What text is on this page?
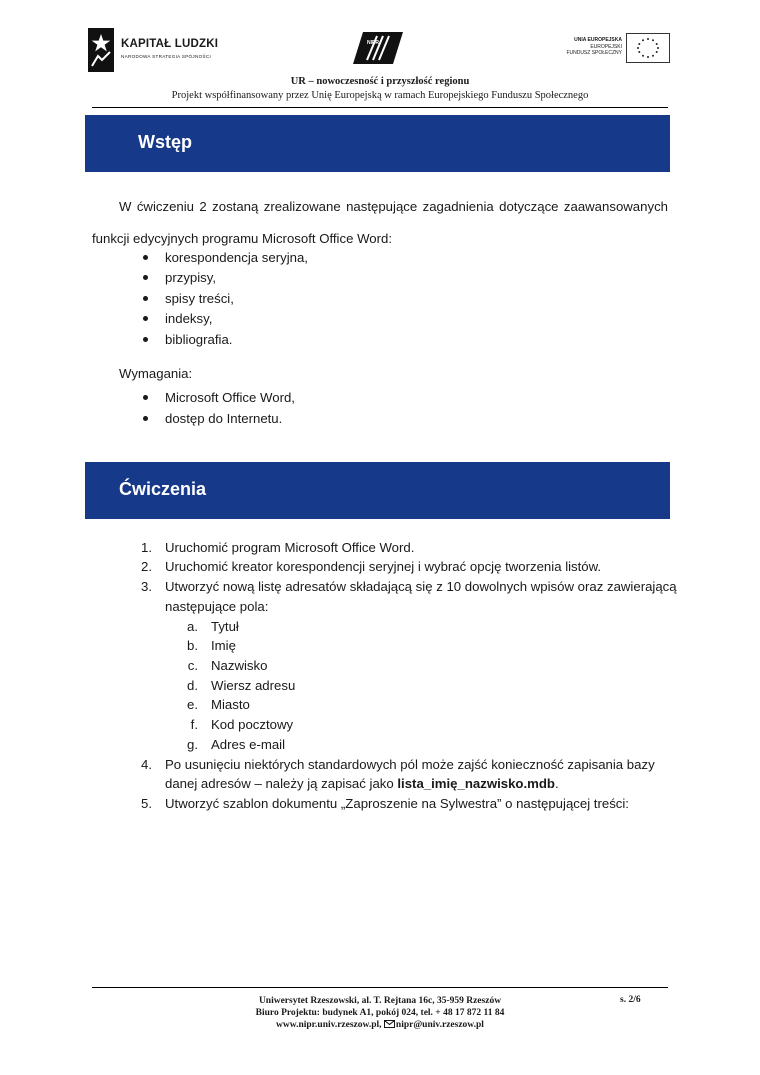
KAPITAŁ LUDZKI
NARODOWA STRATEGIA SPÓJNOŚCI
NIPR	UNIA EUROPEJSKA
EUROPEJSKI
FUNDUSZ SPOŁECZNY
UR – nowoczesność i przyszłość regionu
Projekt współfinansowany przez Unię Europejską w ramach Europejskiego Funduszu Społecznego
Wstęp
W ćwiczeniu 2 zostaną zrealizowane następujące zagadnienia dotyczące zaawansowanych
funkcji edycyjnych programu Microsoft Office Word:
korespondencja seryjna,
przypisy,
spisy treści,
indeksy,
bibliografia.
Wymagania:
Microsoft Office Word,
dostęp do Internetu.
Ćwiczenia
1. Uruchomić program Microsoft Office Word.
2. Uruchomić kreator korespondencji seryjnej i wybrać opcję tworzenia listów.
3. Utworzyć nową listę adresatów składającą się z 10 dowolnych wpisów oraz zawierającą
następujące pola:
a. Tytuł
b. Imię
c. Nazwisko
d. Wiersz adresu
e. Miasto
f. Kod pocztowy
g. Adres e-mail
4. Po usunięciu niektórych standardowych pól może zajść konieczność zapisania bazy
danej adresów – należy ją zapisać jako lista_imię_nazwisko.mdb.
5. Utworzyć szablon dokumentu „Zaproszenie na Sylwestra” o następującej treści:
Uniwersytet Rzeszowski, al. T. Rejtana 16c, 35-959 Rzeszów
Biuro Projektu: budynek A1, pokój 024, tel. + 48 17 872 11 84
www.nipr.univ.rzeszow.pl, nipr@univ.rzeszow.pl
s. 2/6
